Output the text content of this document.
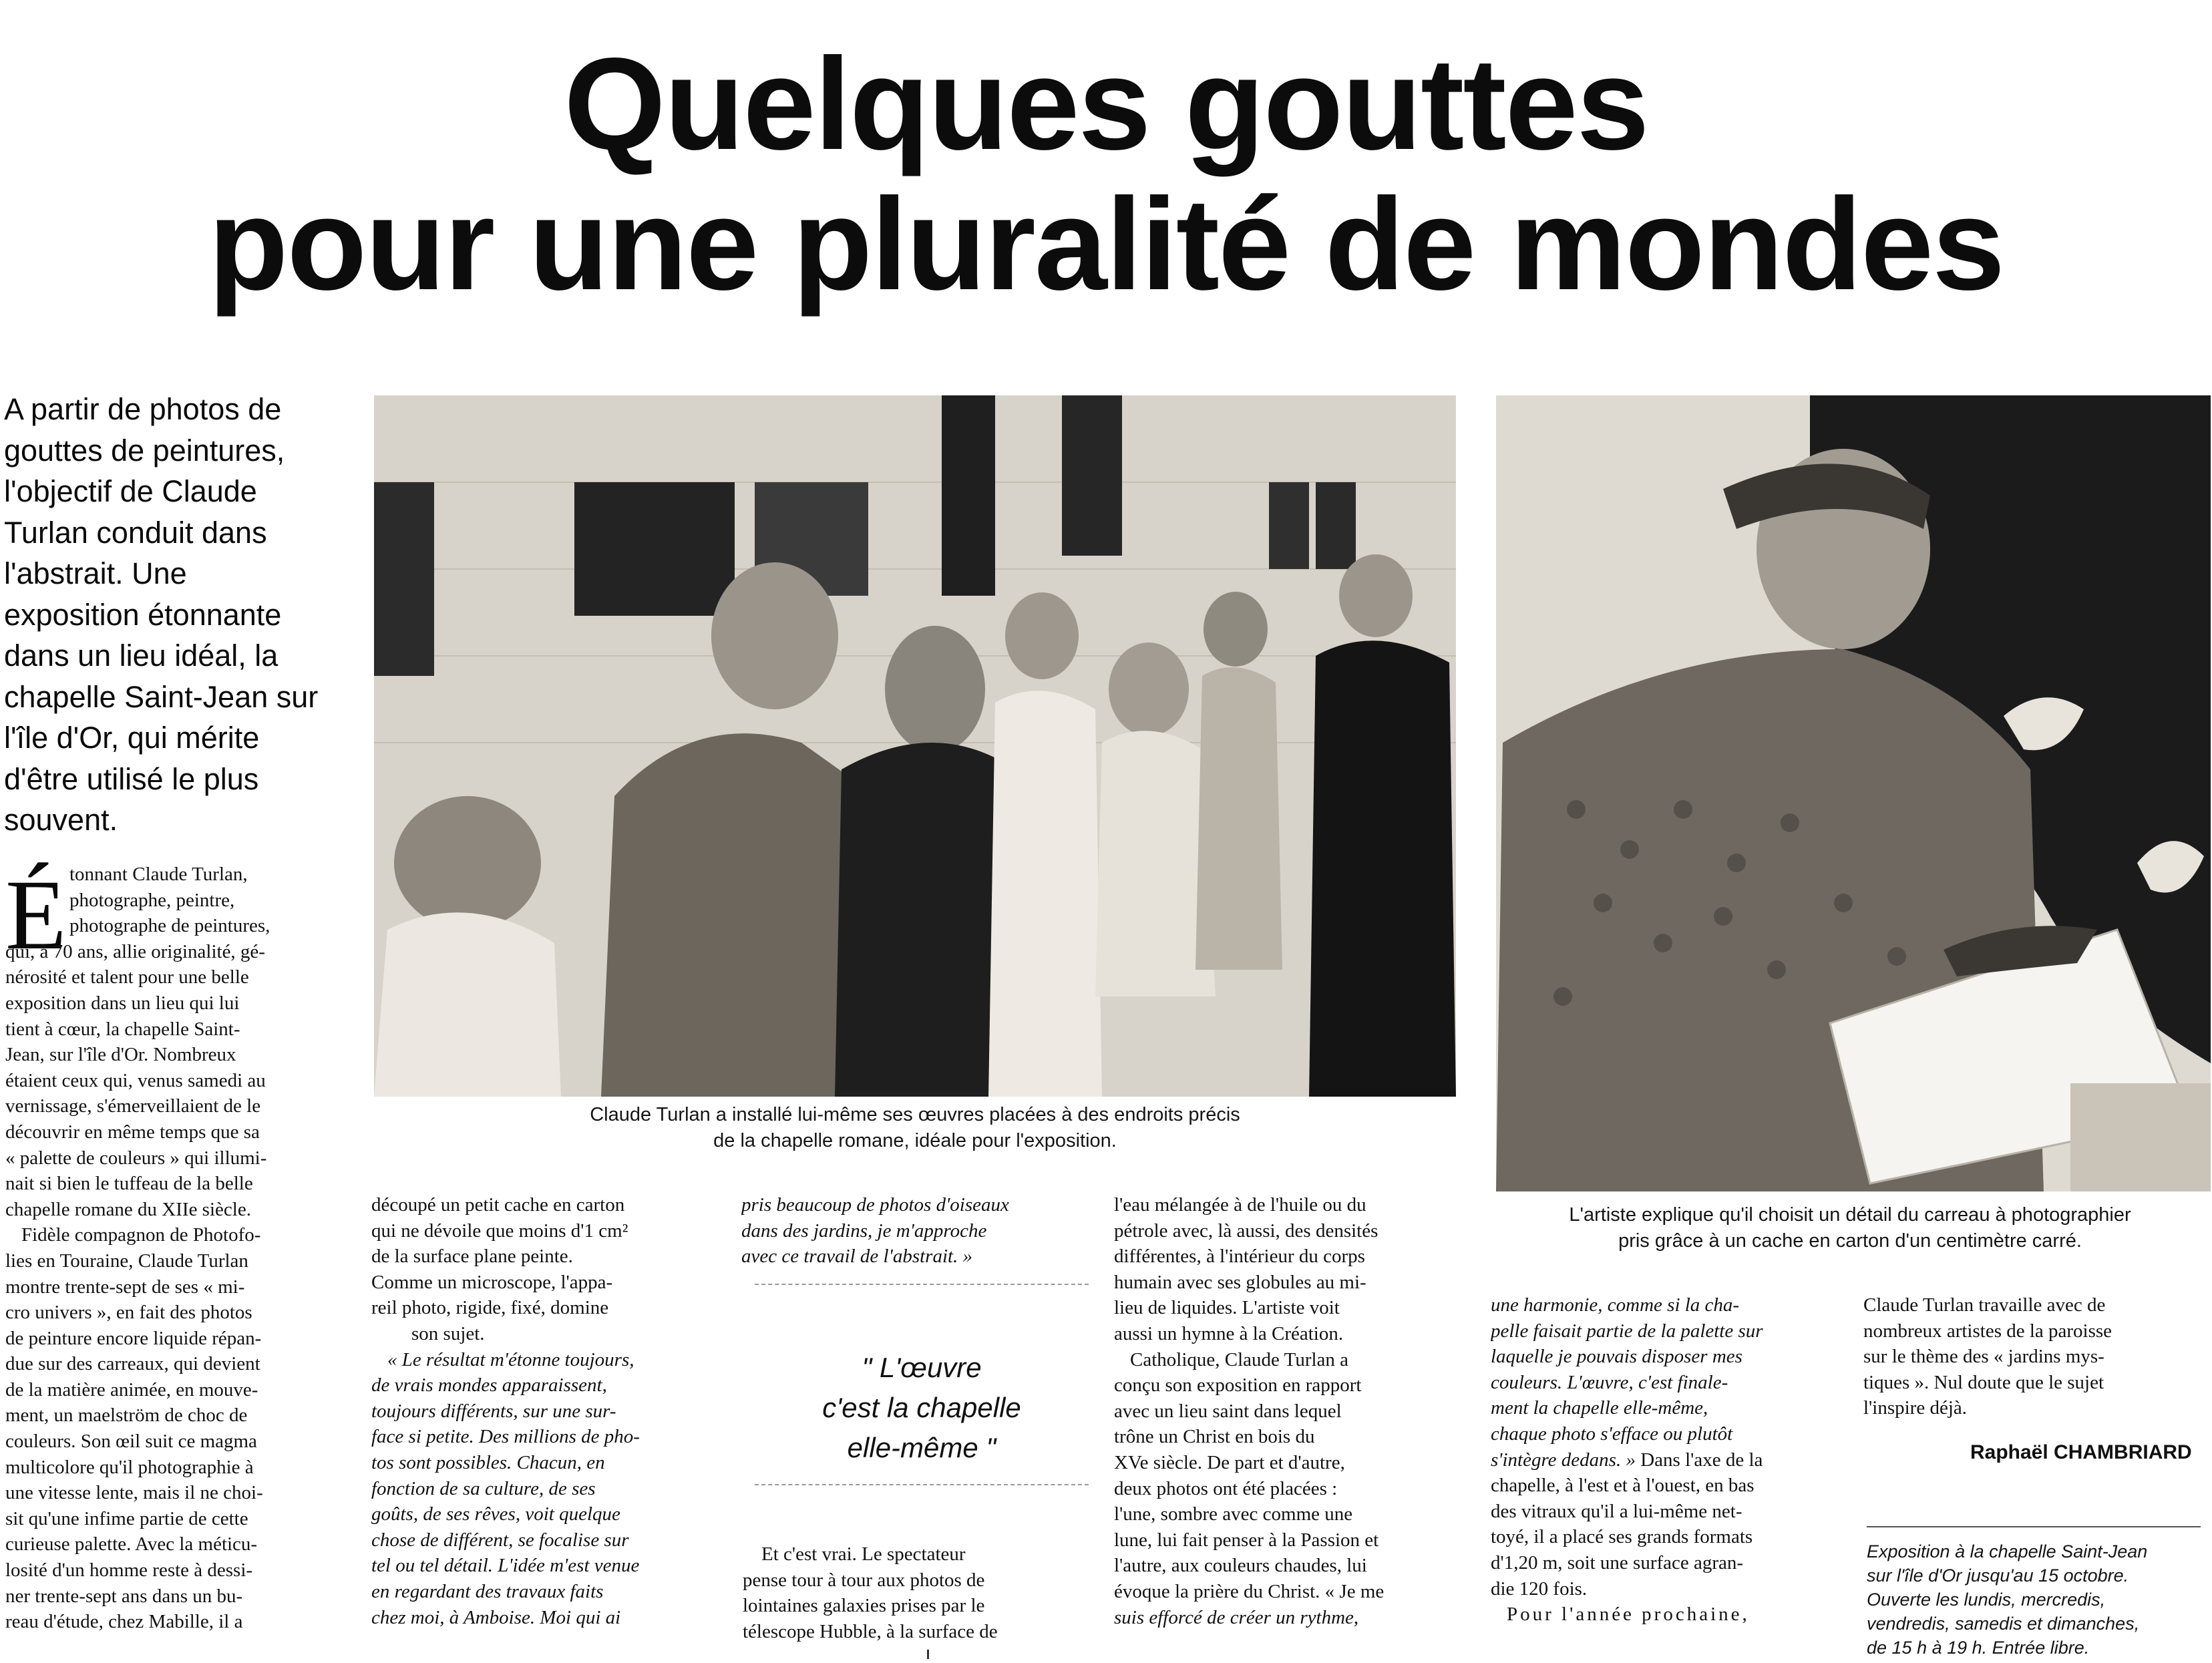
Quelques gouttes
pour une pluralité de mondes
A partir de photos de
gouttes de peintures,
l'objectif de Claude
Turlan conduit dans
l'abstrait. Une
exposition étonnante
dans un lieu idéal, la
chapelle Saint-Jean sur
l'île d'Or, qui mérite
d'être utilisé le plus
souvent.
É tonnant Claude Turlan,
photographe, peintre,
photographe de peintures,
qui, à 70 ans, allie originalité, gé-
nérosité et talent pour une belle
exposition dans un lieu qui lui
tient à cœur, la chapelle Saint-
Jean, sur l'île d'Or. Nombreux
étaient ceux qui, venus samedi au
vernissage, s'émerveillaient de le
découvrir en même temps que sa
« palette de couleurs » qui illumi-
nait si bien le tuffeau de la belle
chapelle romane du XIIe siècle.
Fidèle compagnon de Photofo-
lies en Touraine, Claude Turlan
montre trente-sept de ses « mi-
cro univers », en fait des photos
de peinture encore liquide répan-
due sur des carreaux, qui devient
de la matière animée, en mouve-
ment, un maelström de choc de
couleurs. Son œil suit ce magma
multicolore qu'il photographie à
une vitesse lente, mais il ne choi-
sit qu'une infime partie de cette
curieuse palette. Avec la méticu-
losité d'un homme reste à dessi-
ner trente-sept ans dans un bu-
reau d'étude, chez Mabille, il a
Claude Turlan a installé lui-même ses œuvres placées à des endroits précis
de la chapelle romane, idéale pour l'exposition.
L'artiste explique qu'il choisit un détail du carreau à photographier
pris grâce à un cache en carton d'un centimètre carré.
découpé un petit cache en carton
qui ne dévoile que moins d'1 cm²
de la surface plane peinte.
Comme un microscope, l'appa-
reil photo, rigide, fixé, domine
son sujet.
« Le résultat m'étonne toujours,
de vrais mondes apparaissent,
toujours différents, sur une sur-
face si petite. Des millions de pho-
tos sont possibles. Chacun, en
fonction de sa culture, de ses
goûts, de ses rêves, voit quelque
chose de différent, se focalise sur
tel ou tel détail. L'idée m'est venue
en regardant des travaux faits
chez moi, à Amboise. Moi qui ai
pris beaucoup de photos d'oiseaux
dans des jardins, je m'approche
avec ce travail de l'abstrait. »
" L'œuvre
c'est la chapelle
elle-même "
Et c'est vrai. Le spectateur
pense tour à tour aux photos de
lointaines galaxies prises par le
télescope Hubble, à la surface de
l'eau mélangée à de l'huile ou du
pétrole avec, là aussi, des densités
différentes, à l'intérieur du corps
humain avec ses globules au mi-
lieu de liquides. L'artiste voit
aussi un hymne à la Création.
Catholique, Claude Turlan a
conçu son exposition en rapport
avec un lieu saint dans lequel
trône un Christ en bois du
XVe siècle. De part et d'autre,
deux photos ont été placées :
l'une, sombre avec comme une
lune, lui fait penser à la Passion et
l'autre, aux couleurs chaudes, lui
évoque la prière du Christ. « Je me
suis efforcé de créer un rythme,
une harmonie, comme si la cha-
pelle faisait partie de la palette sur
laquelle je pouvais disposer mes
couleurs. L'œuvre, c'est finale-
ment la chapelle elle-même,
chaque photo s'efface ou plutôt
s'intègre dedans. » Dans l'axe de la
chapelle, à l'est et à l'ouest, en bas
des vitraux qu'il a lui-même net-
toyé, il a placé ses grands formats
d'1,20 m, soit une surface agran-
die 120 fois.
Pour l'année prochaine,
Claude Turlan travaille avec de
nombreux artistes de la paroisse
sur le thème des « jardins mys-
tiques ». Nul doute que le sujet
l'inspire déjà.
Raphaël CHAMBRIARD
Exposition à la chapelle Saint-Jean
sur l'île d'Or jusqu'au 15 octobre.
Ouverte les lundis, mercredis,
vendredis, samedis et dimanches,
de 15 h à 19 h. Entrée libre.
